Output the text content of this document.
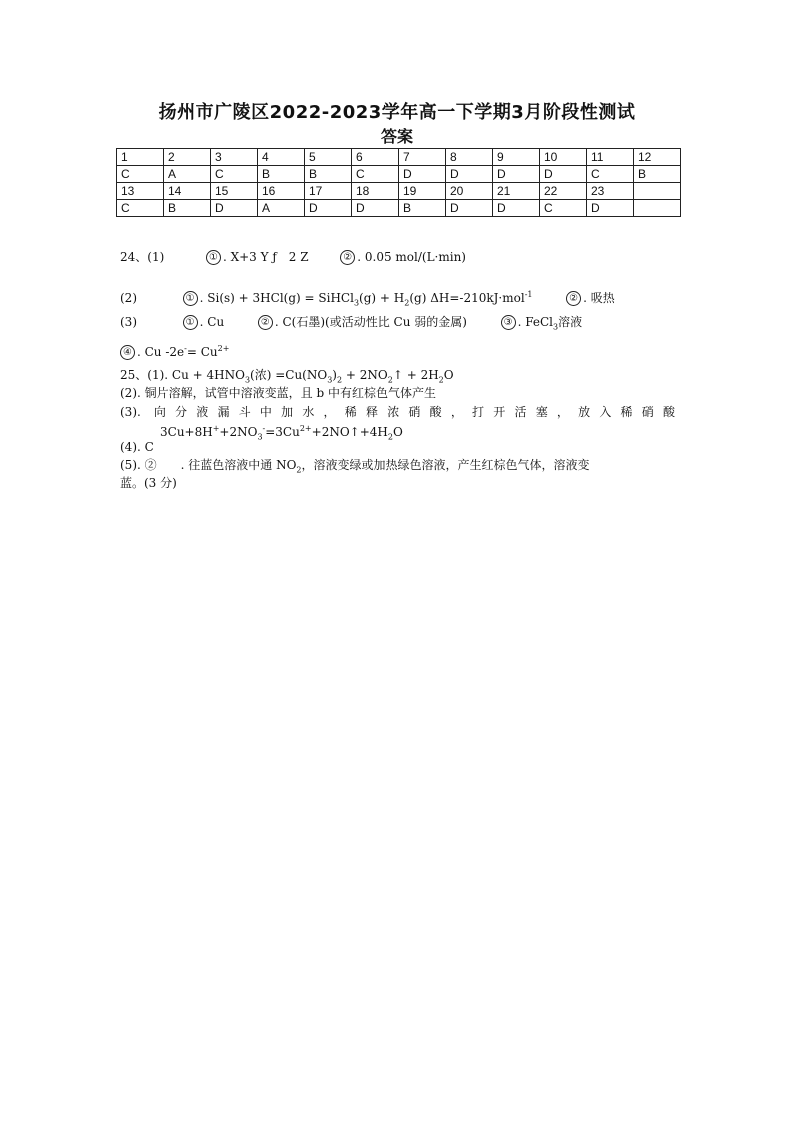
扬州市广陵区2022-2023学年高一下学期3月阶段性测试
答案
1	2	3	4	5	6	7	8	9	10	11	12
C	A	C	B	B	C	D	D	D	D	C	B
13	14	15	16	17	18	19	20	21	22	23	
C	B	D	A	D	D	B	D	D	C	D	
24、(1)	① . X+3 Y ƒ　2 Z	② . 0.05 mol/(L·min)
(2)	① . Si(s) + 3HCl(g) = SiHCl$_3$(g) + $H_2(g)$ ΔH=-210kJ·mol$^{-1}$	② . 吸热
(3)	① . Cu	② . C(石墨)(或活动性比 Cu 弱的金属)	③ . FeCl$_3$溶液
④ . Cu $-2e^-= Cu^{2+}$
25、(1). $Cu + 4HNO_3$(浓) $=Cu(NO_3)_2$ + $2NO_2↑ + 2H_2O$
(2). 铜片溶解，试管中溶液变蓝，且 b 中有红棕色气体产生
(3). 向分液漏斗中加水，稀释浓硝酸，打开活塞，放入稀硝酸
$3Cu+8H^++2NO_3^-=3Cu^{2+}+2NO↑+4H_2O$
(4). C
(5). ②　　. 往蓝色溶液中通 $NO_2$，溶液变绿或加热绿色溶液，产生红棕色气体，溶液变
蓝。(3 分)
